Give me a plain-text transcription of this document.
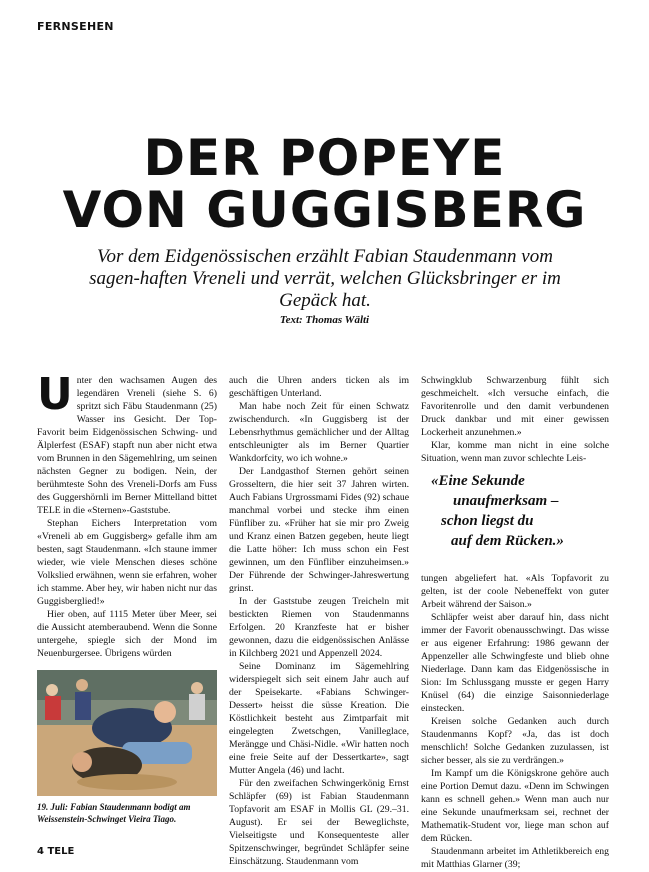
FERNSEHEN
DER POPEYE
VON GUGGISBERG

Vor dem Eidgenössischen erzählt Fabian Staudenmann vom sagen-haften Vreneli und verrät, welchen Glücksbringer er im Gepäck hat.

Text: Thomas Wälti

Unter den wachsamen Augen des legendären Vreneli (siehe S. 6) spritzt sich Fäbu Staudenmann (25) Wasser ins Gesicht. Der Top-Favorit beim Eidgenössischen Schwing- und Älplerfest (ESAF) stapft nun aber nicht etwa vom Brunnen in den Sägemehlring, um seinen nächsten Gegner zu bodigen. Nein, der berühmteste Sohn des Vreneli-Dorfs am Fuss des Guggershörnli im Berner Mittelland bittet TELE in die «Sternen»-Gaststube.

Stephan Eichers Interpretation vom «Vreneli ab em Guggisberg» gefalle ihm am besten, sagt Staudenmann. «Ich staune immer wieder, wie viele Menschen dieses schöne Volkslied erwähnen, wenn sie erfahren, woher ich stamme. Aber hey, wir haben nicht nur das Guggisberglied!»

Hier oben, auf 1115 Meter über Meer, sei die Aussicht atemberaubend. Wenn die Sonne untergehe, spiegle sich der Mond im Neuenburgersee. Übrigens würden

19. Juli: Fabian Staudenmann bodigt am Weissenstein-Schwinget Vieira Tiago.

auch die Uhren anders ticken als im geschäftigen Unterland.

Man habe noch Zeit für einen Schwatz zwischendurch. «In Guggisberg ist der Lebensrhythmus gemächlicher und der Alltag entschleunigter als im Berner Quartier Wankdorfcity, wo ich wohne.»

Der Landgasthof Sternen gehört seinen Grosseltern, die hier seit 37 Jahren wirten. Auch Fabians Urgrossmami Fides (92) schaue manchmal vorbei und stecke ihm einen Fünfliber zu. «Früher hat sie mir pro Zweig und Kranz einen Batzen gegeben, heute liegt die Latte höher: Ich muss schon ein Fest gewinnen, um den Fünfliber einzuheimsen.» Der Führende der Schwinger-Jahreswertung grinst.

In der Gaststube zeugen Treicheln mit bestickten Riemen von Staudenmanns Erfolgen. 20 Kranzfeste hat er bisher gewonnen, dazu die eidgenössischen Anlässe in Kilchberg 2021 und Appenzell 2024.

Seine Dominanz im Sägemehlring widerspiegelt sich seit einem Jahr auch auf der Speisekarte. «Fabians Schwinger-Dessert» heisst die süsse Kreation. Die Köstlichkeit besteht aus Zimtparfait mit eingelegten Zwetschgen, Vanilleglace, Merängge und Chäsi-Nidle. «Wir hatten noch eine freie Seite auf der Dessertkarte», sagt Mutter Angela (46) und lacht.

Für den zweifachen Schwingerkönig Ernst Schläpfer (69) ist Fabian Staudenmann Topfavorit am ESAF in Mollis GL (29.–31. August). Er sei der Beweglichste, Vielseitigste und Konsequenteste aller Spitzenschwinger, begründet Schläpfer seine Einschätzung. Staudenmann vom

Schwingklub Schwarzenburg fühlt sich geschmeichelt. «Ich versuche einfach, die Favoritenrolle und den damit verbundenen Druck dankbar und mit einer gewissen Lockerheit anzunehmen.»

Klar, komme man nicht in eine solche Situation, wenn man zuvor schlechte Leis-

«Eine Sekunde
unaufmerksam –
schon liegst du
auf dem Rücken.»

tungen abgeliefert hat. «Als Topfavorit zu gelten, ist der coole Nebeneffekt von guter Arbeit während der Saison.»

Schläpfer weist aber darauf hin, dass nicht immer der Favorit obenausschwingt. Das wisse er aus eigener Erfahrung: 1986 gewann der Appenzeller alle Schwingfeste und blieb ohne Niederlage. Dann kam das Eidgenössische in Sion: Im Schlussgang musste er gegen Harry Knüsel (64) die einzige Saisonniederlage einstecken.

Kreisen solche Gedanken auch durch Staudenmanns Kopf? «Ja, das ist doch menschlich! Solche Gedanken zuzulassen, ist sicher besser, als sie zu verdrängen.»

Im Kampf um die Königskrone gehöre auch eine Portion Demut dazu. «Denn im Schwingen kann es schnell gehen.» Wenn man auch nur eine Sekunde unaufmerksam sei, rechnet der Mathematik-Student vor, liege man schon auf dem Rücken.

Staudenmann arbeitet im Athletikbereich eng mit Matthias Glarner (39;

4 TELE
